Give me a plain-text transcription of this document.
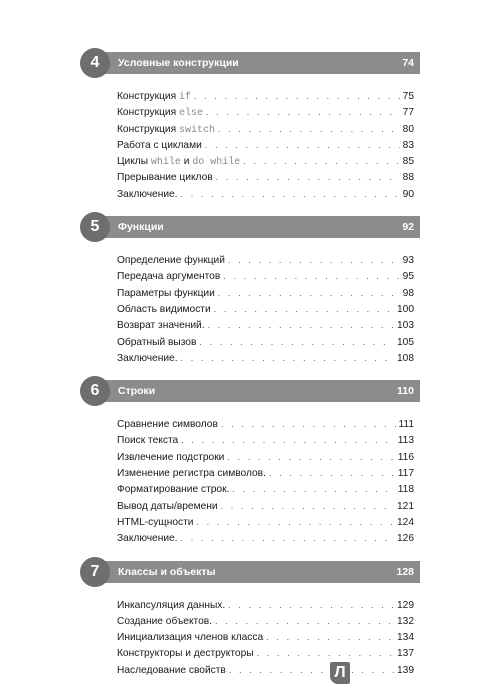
4	Условные конструкции	74
Конструкция if . . .	75
Конструкция else . . .	77
Конструкция switch . . .	80
Работа с циклами . . .	83
Циклы while и do while . . .	85
Прерывание циклов . . .	88
Заключение. . . .	90
5	Функции	92
Определение функций . . .	93
Передача аргументов . . .	95
Параметры функции . . .	98
Область видимости . . .	100
Возврат значений. . . .	103
Обратный вызов . . .	105
Заключение. . . .	108
6	Строки	110
Сравнение символов . . .	111
Поиск текста . . .	113
Извлечение подстроки . . .	116
Изменение регистра символов. . . .	117
Форматирование строк. . . .	118
Вывод даты/времени . . .	121
HTML-сущности . . .	124
Заключение. . . .	126
7	Классы и объекты	128
Инкапсуляция данных. . . .	129
Создание объектов. . . .	132
Инициализация членов класса . . .	134
Конструкторы и деструкторы . . .	137
Наследование свойств . . .	139
Л
